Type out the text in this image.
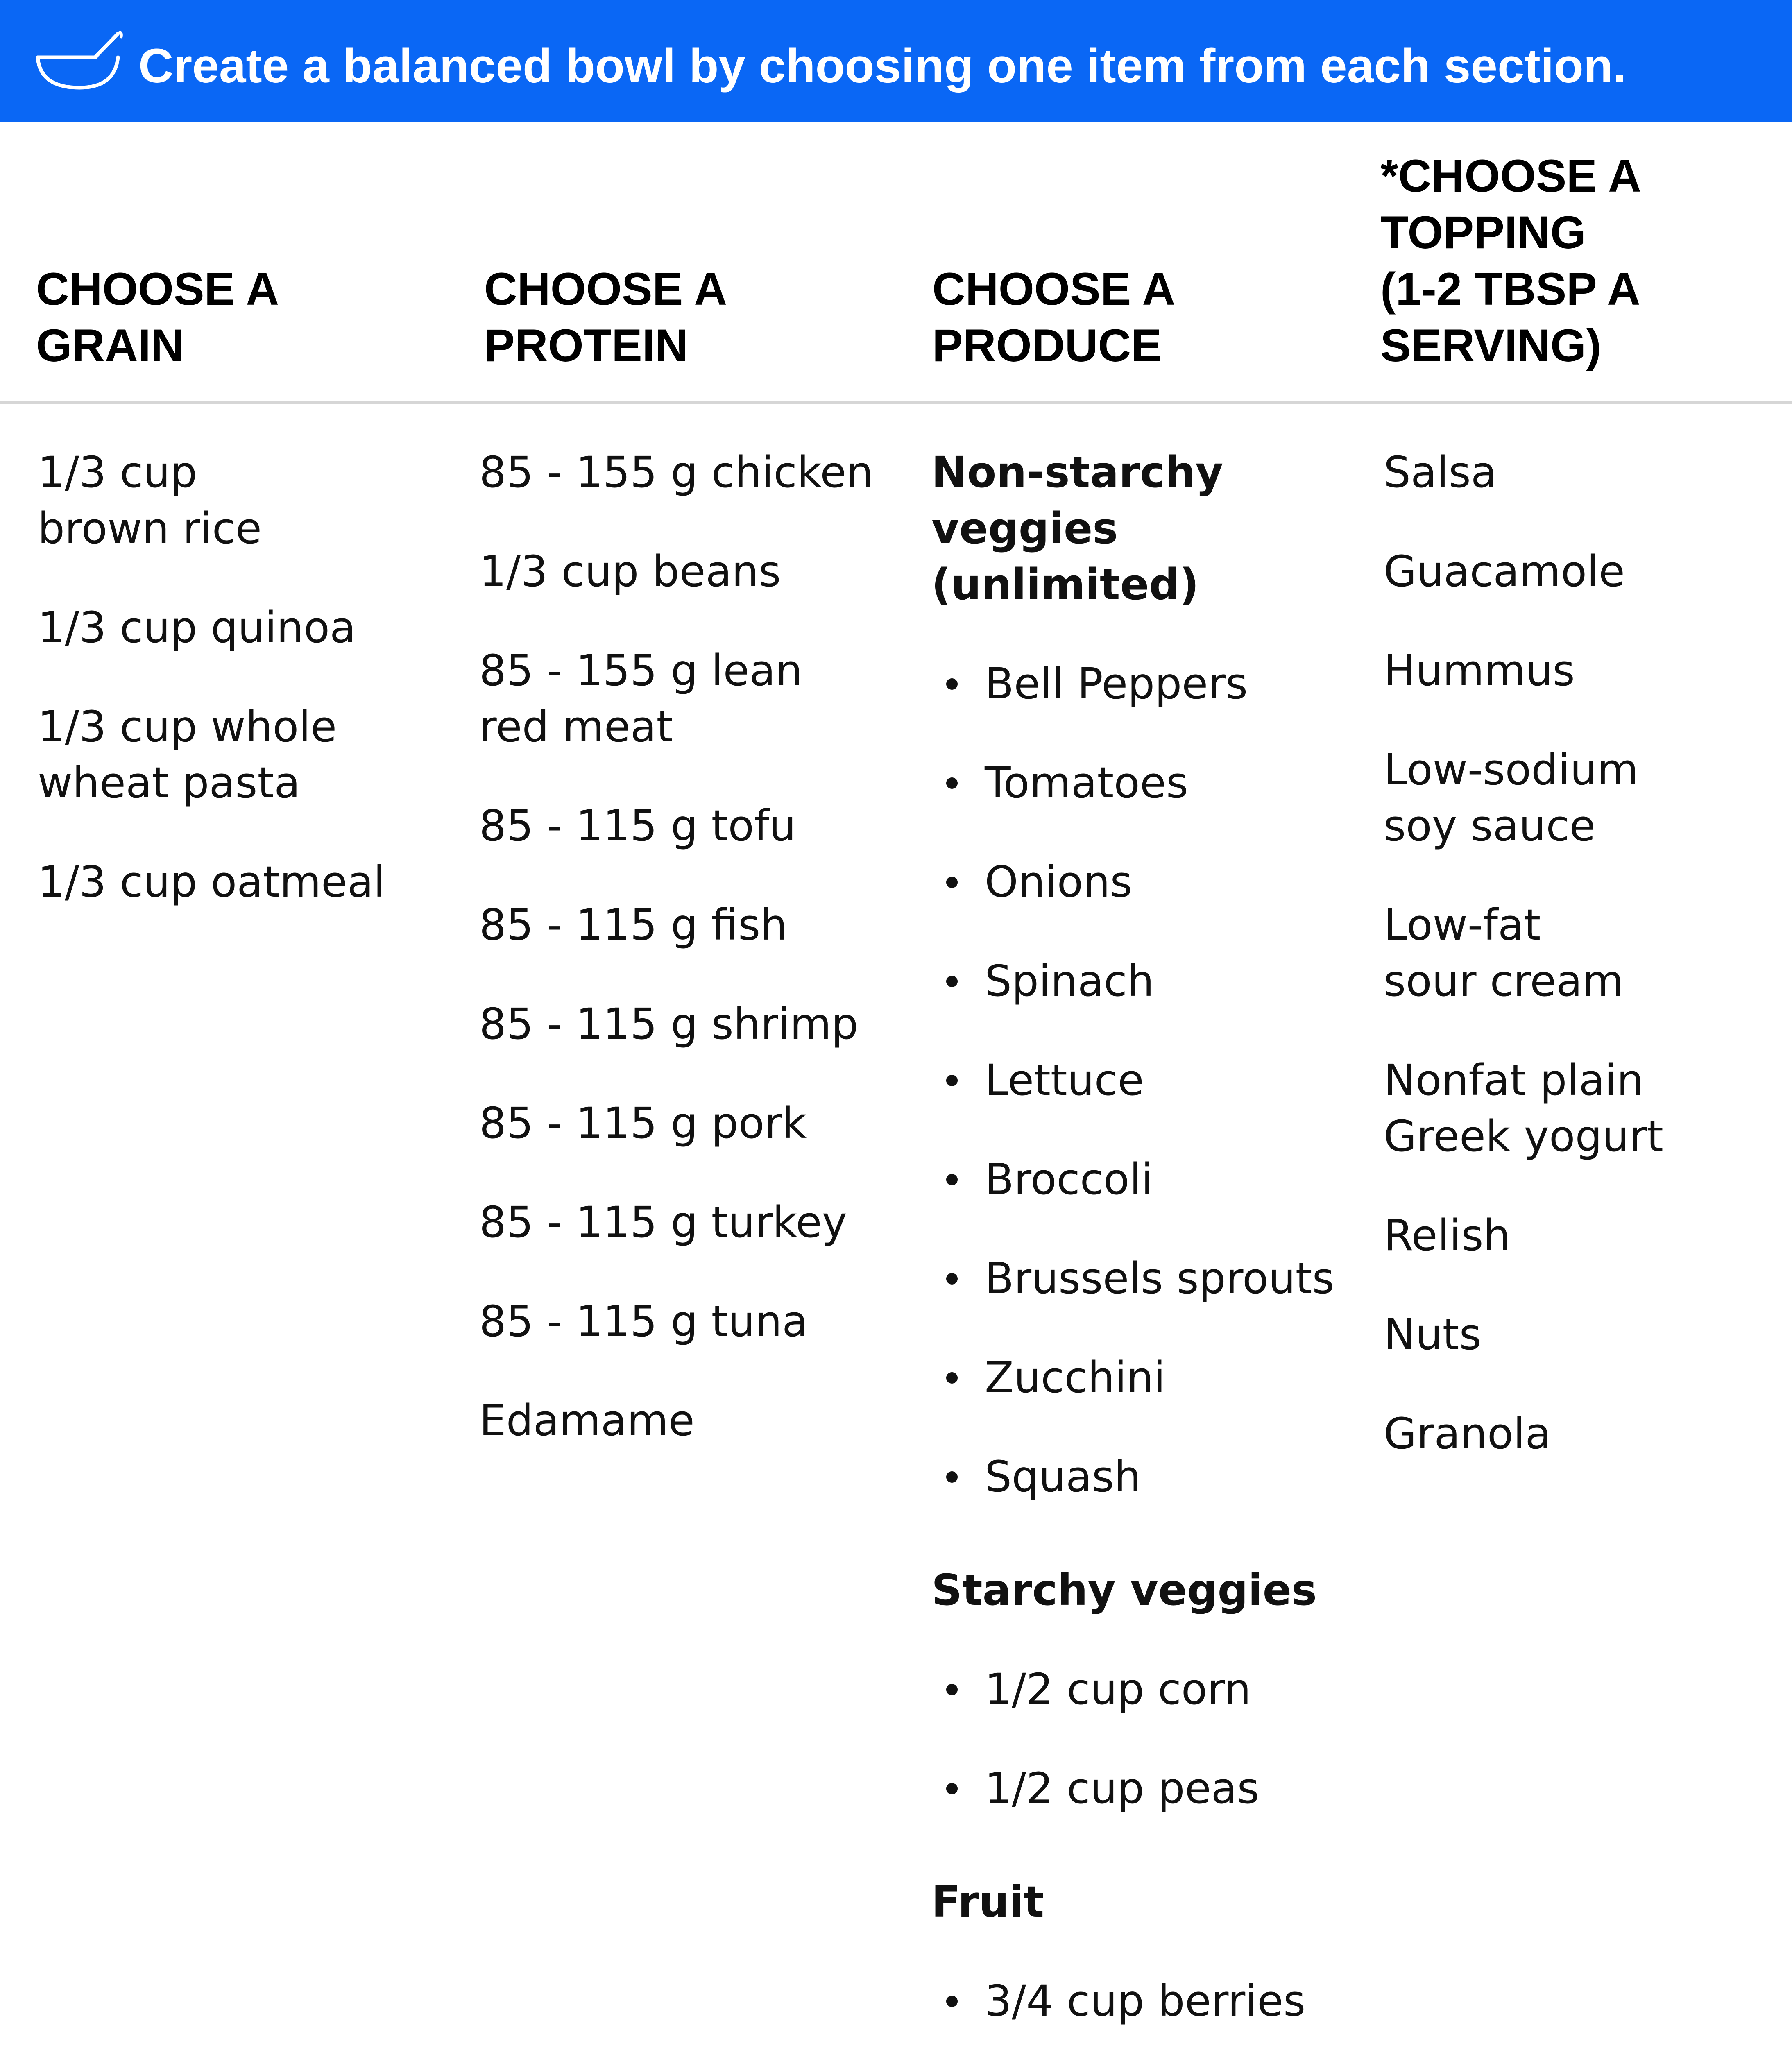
Create a balanced bowl by choosing one item from each section.
CHOOSE A
GRAIN
CHOOSE A
PROTEIN
CHOOSE A
PRODUCE
*CHOOSE A
TOPPING
(1-2 TBSP A
SERVING)
1/3 cup
brown rice
1/3 cup quinoa
1/3 cup whole
wheat pasta
1/3 cup oatmeal
85 - 155 g chicken
1/3 cup beans
85 - 155 g lean
red meat
85 - 115 g tofu
85 - 115 g fish
85 - 115 g shrimp
85 - 115 g pork
85 - 115 g turkey
85 - 115 g tuna
Edamame
Non-starchy
veggies
(unlimited)
Bell Peppers
Tomatoes
Onions
Spinach
Lettuce
Broccoli
Brussels sprouts
Zucchini
Squash
Starchy veggies
1/2 cup corn
1/2 cup peas
Fruit
3/4 cup berries
Salsa
Guacamole
Hummus
Low-sodium
soy sauce
Low-fat
sour cream
Nonfat plain
Greek yogurt
Relish
Nuts
Granola
